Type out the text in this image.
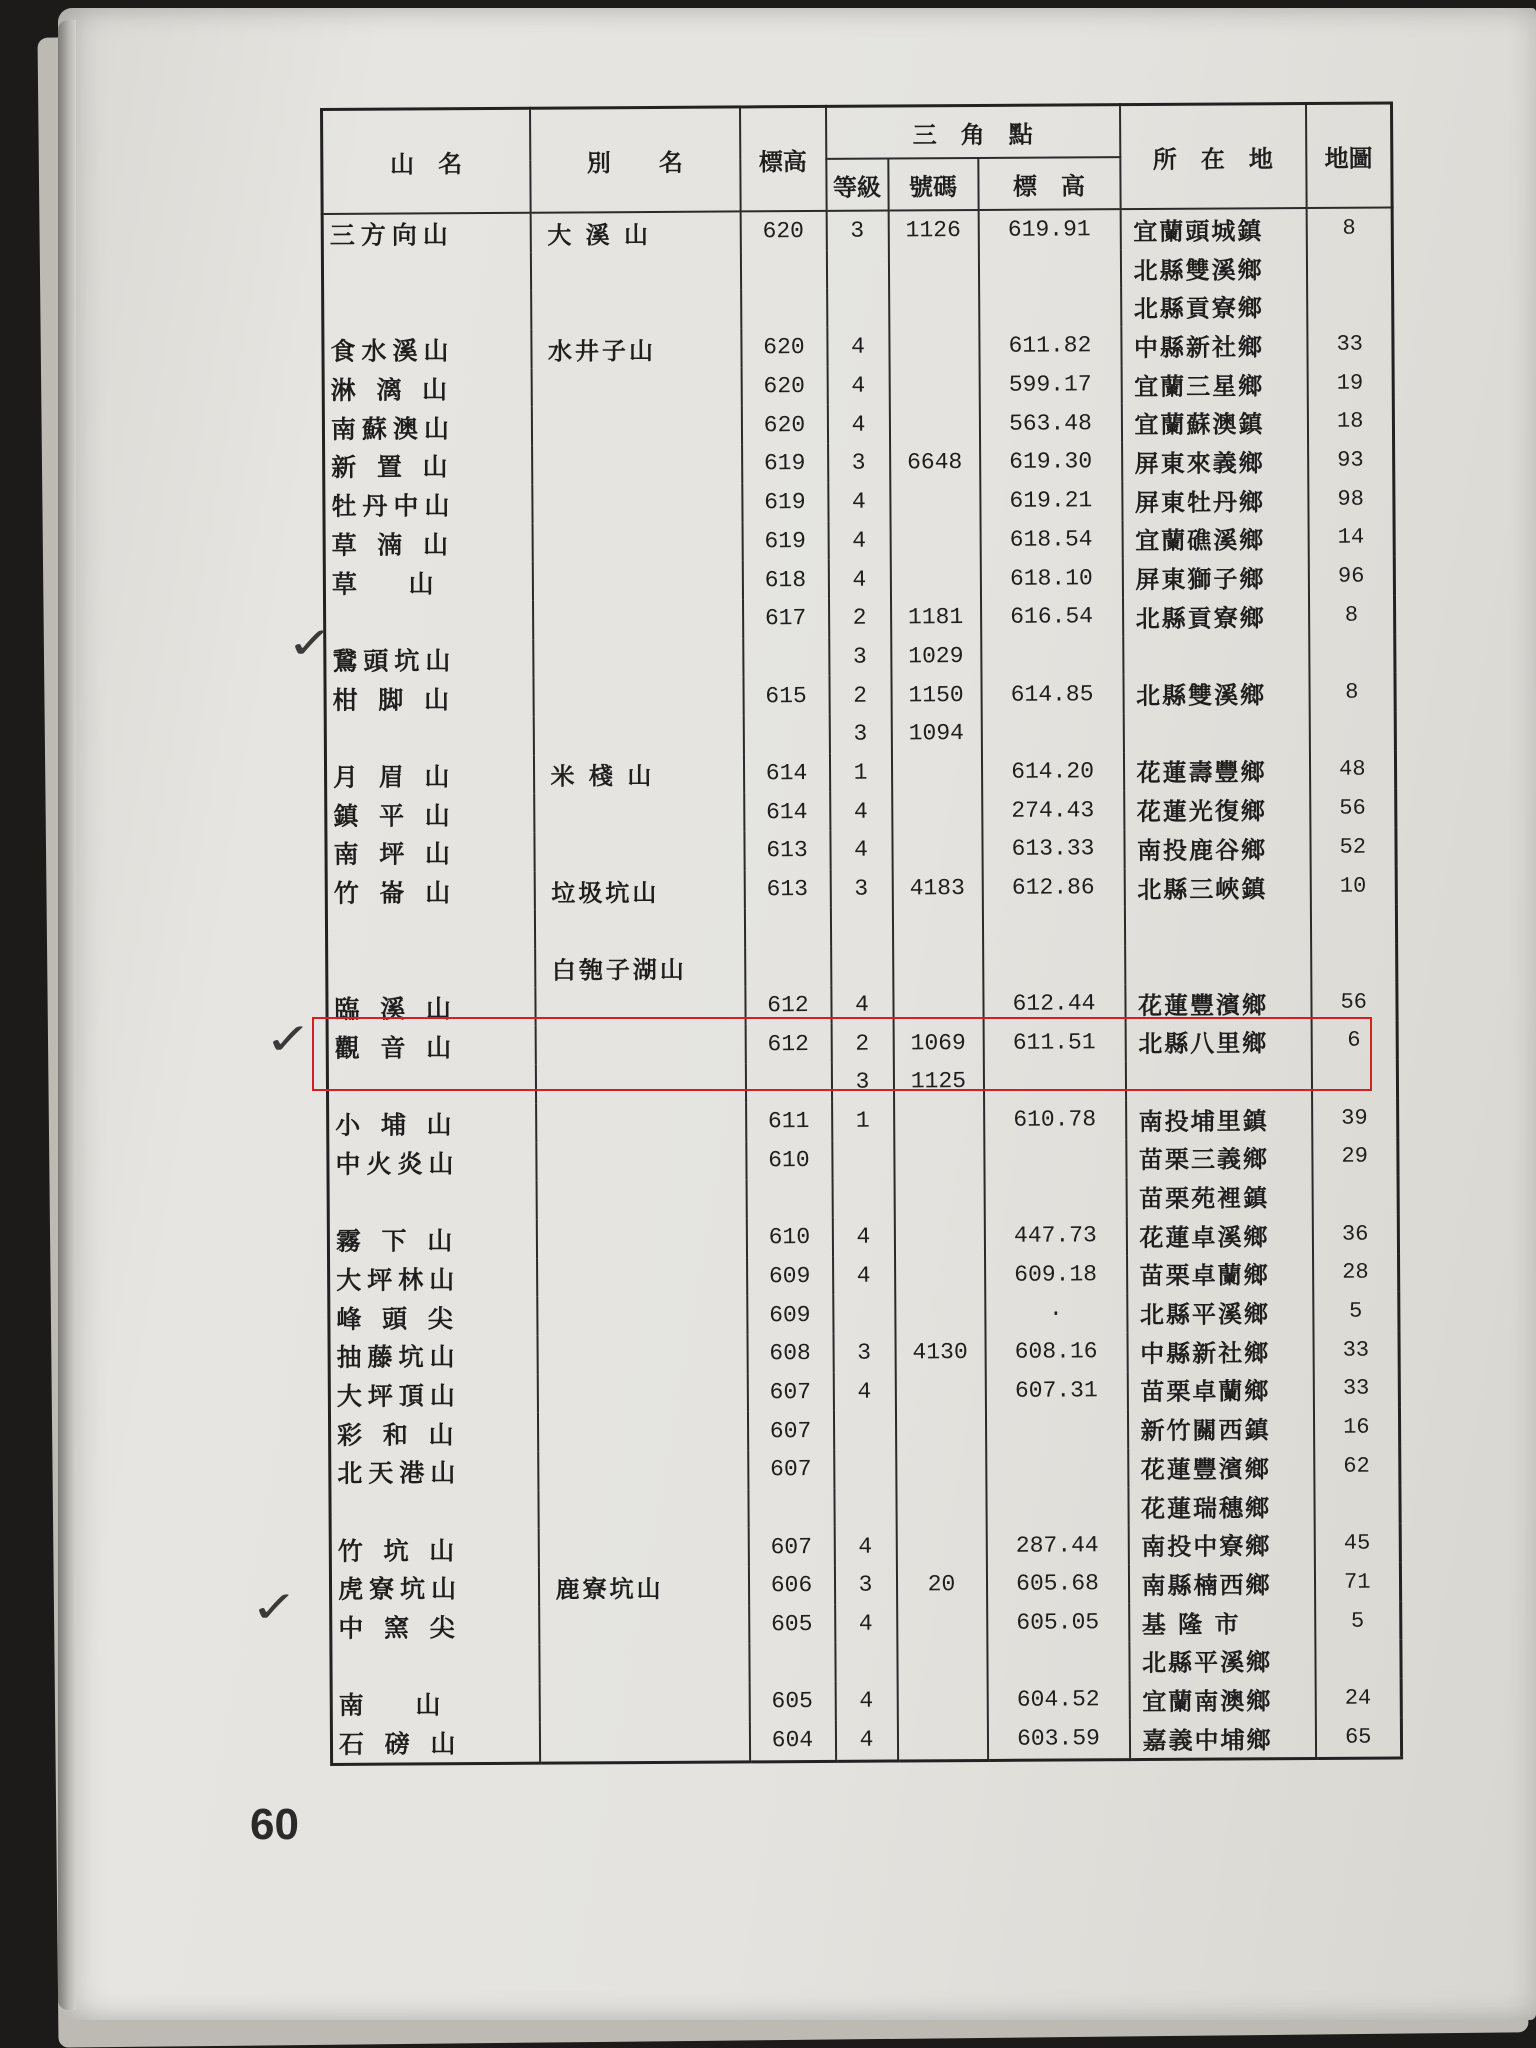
山　名	別　　名	標高	三　角　點			所　在　地	地圖
			等級	號碼	標　高		
三方向山	大 溪 山	620	3	1126	619.91	宜蘭頭城鎮	8
						北縣雙溪鄉	
						北縣貢寮鄉	
食水溪山	水井子山	620	4		611.82	中縣新社鄉	33
淋 漓 山		620	4		599.17	宜蘭三星鄉	19
南蘇澳山		620	4		563.48	宜蘭蘇澳鎮	18
新 置 山		619	3	6648	619.30	屏東來義鄉	93
牡丹中山		619	4		619.21	屏東牡丹鄉	98
草 湳 山		619	4		618.54	宜蘭礁溪鄉	14
草　 山		618	4		618.10	屏東獅子鄉	96
		617	2	1181	616.54	北縣貢寮鄉	8
鵞頭坑山			3	1029			
柑 脚 山		615	2	1150	614.85	北縣雙溪鄉	8
			3	1094			
月 眉 山	米 棧 山	614	1		614.20	花蓮壽豐鄉	48
鎮 平 山		614	4		274.43	花蓮光復鄉	56
南 坪 山		613	4		613.33	南投鹿谷鄉	52
竹 崙 山	垃圾坑山	613	3	4183	612.86	北縣三峽鎮	10

	白匏子湖山						
臨 溪 山		612	4		612.44	花蓮豐濱鄉	56
觀 音 山		612	2	1069	611.51	北縣八里鄉	6
			3	1125			
小 埔 山		611	1		610.78	南投埔里鎮	39
中火炎山		610				苗栗三義鄉	29
						苗栗苑裡鎮	
霧 下 山		610	4		447.73	花蓮卓溪鄉	36
大坪林山		609	4		609.18	苗栗卓蘭鄉	28
峰 頭 尖		609			·	北縣平溪鄉	5
抽藤坑山		608	3	4130	608.16	中縣新社鄉	33
大坪頂山		607	4		607.31	苗栗卓蘭鄉	33
彩 和 山		607				新竹關西鎮	16
北天港山		607				花蓮豐濱鄉	62
						花蓮瑞穗鄉	
竹 坑 山		607	4		287.44	南投中寮鄉	45
虎寮坑山	鹿寮坑山	606	3	20	605.68	南縣楠西鄉	71
中 窯 尖		605	4		605.05	基 隆 市	5
						北縣平溪鄉	
南　 山		605	4		604.52	宜蘭南澳鄉	24
石 磅 山		604	4		603.59	嘉義中埔鄉	65
✓
✓
✓
60
